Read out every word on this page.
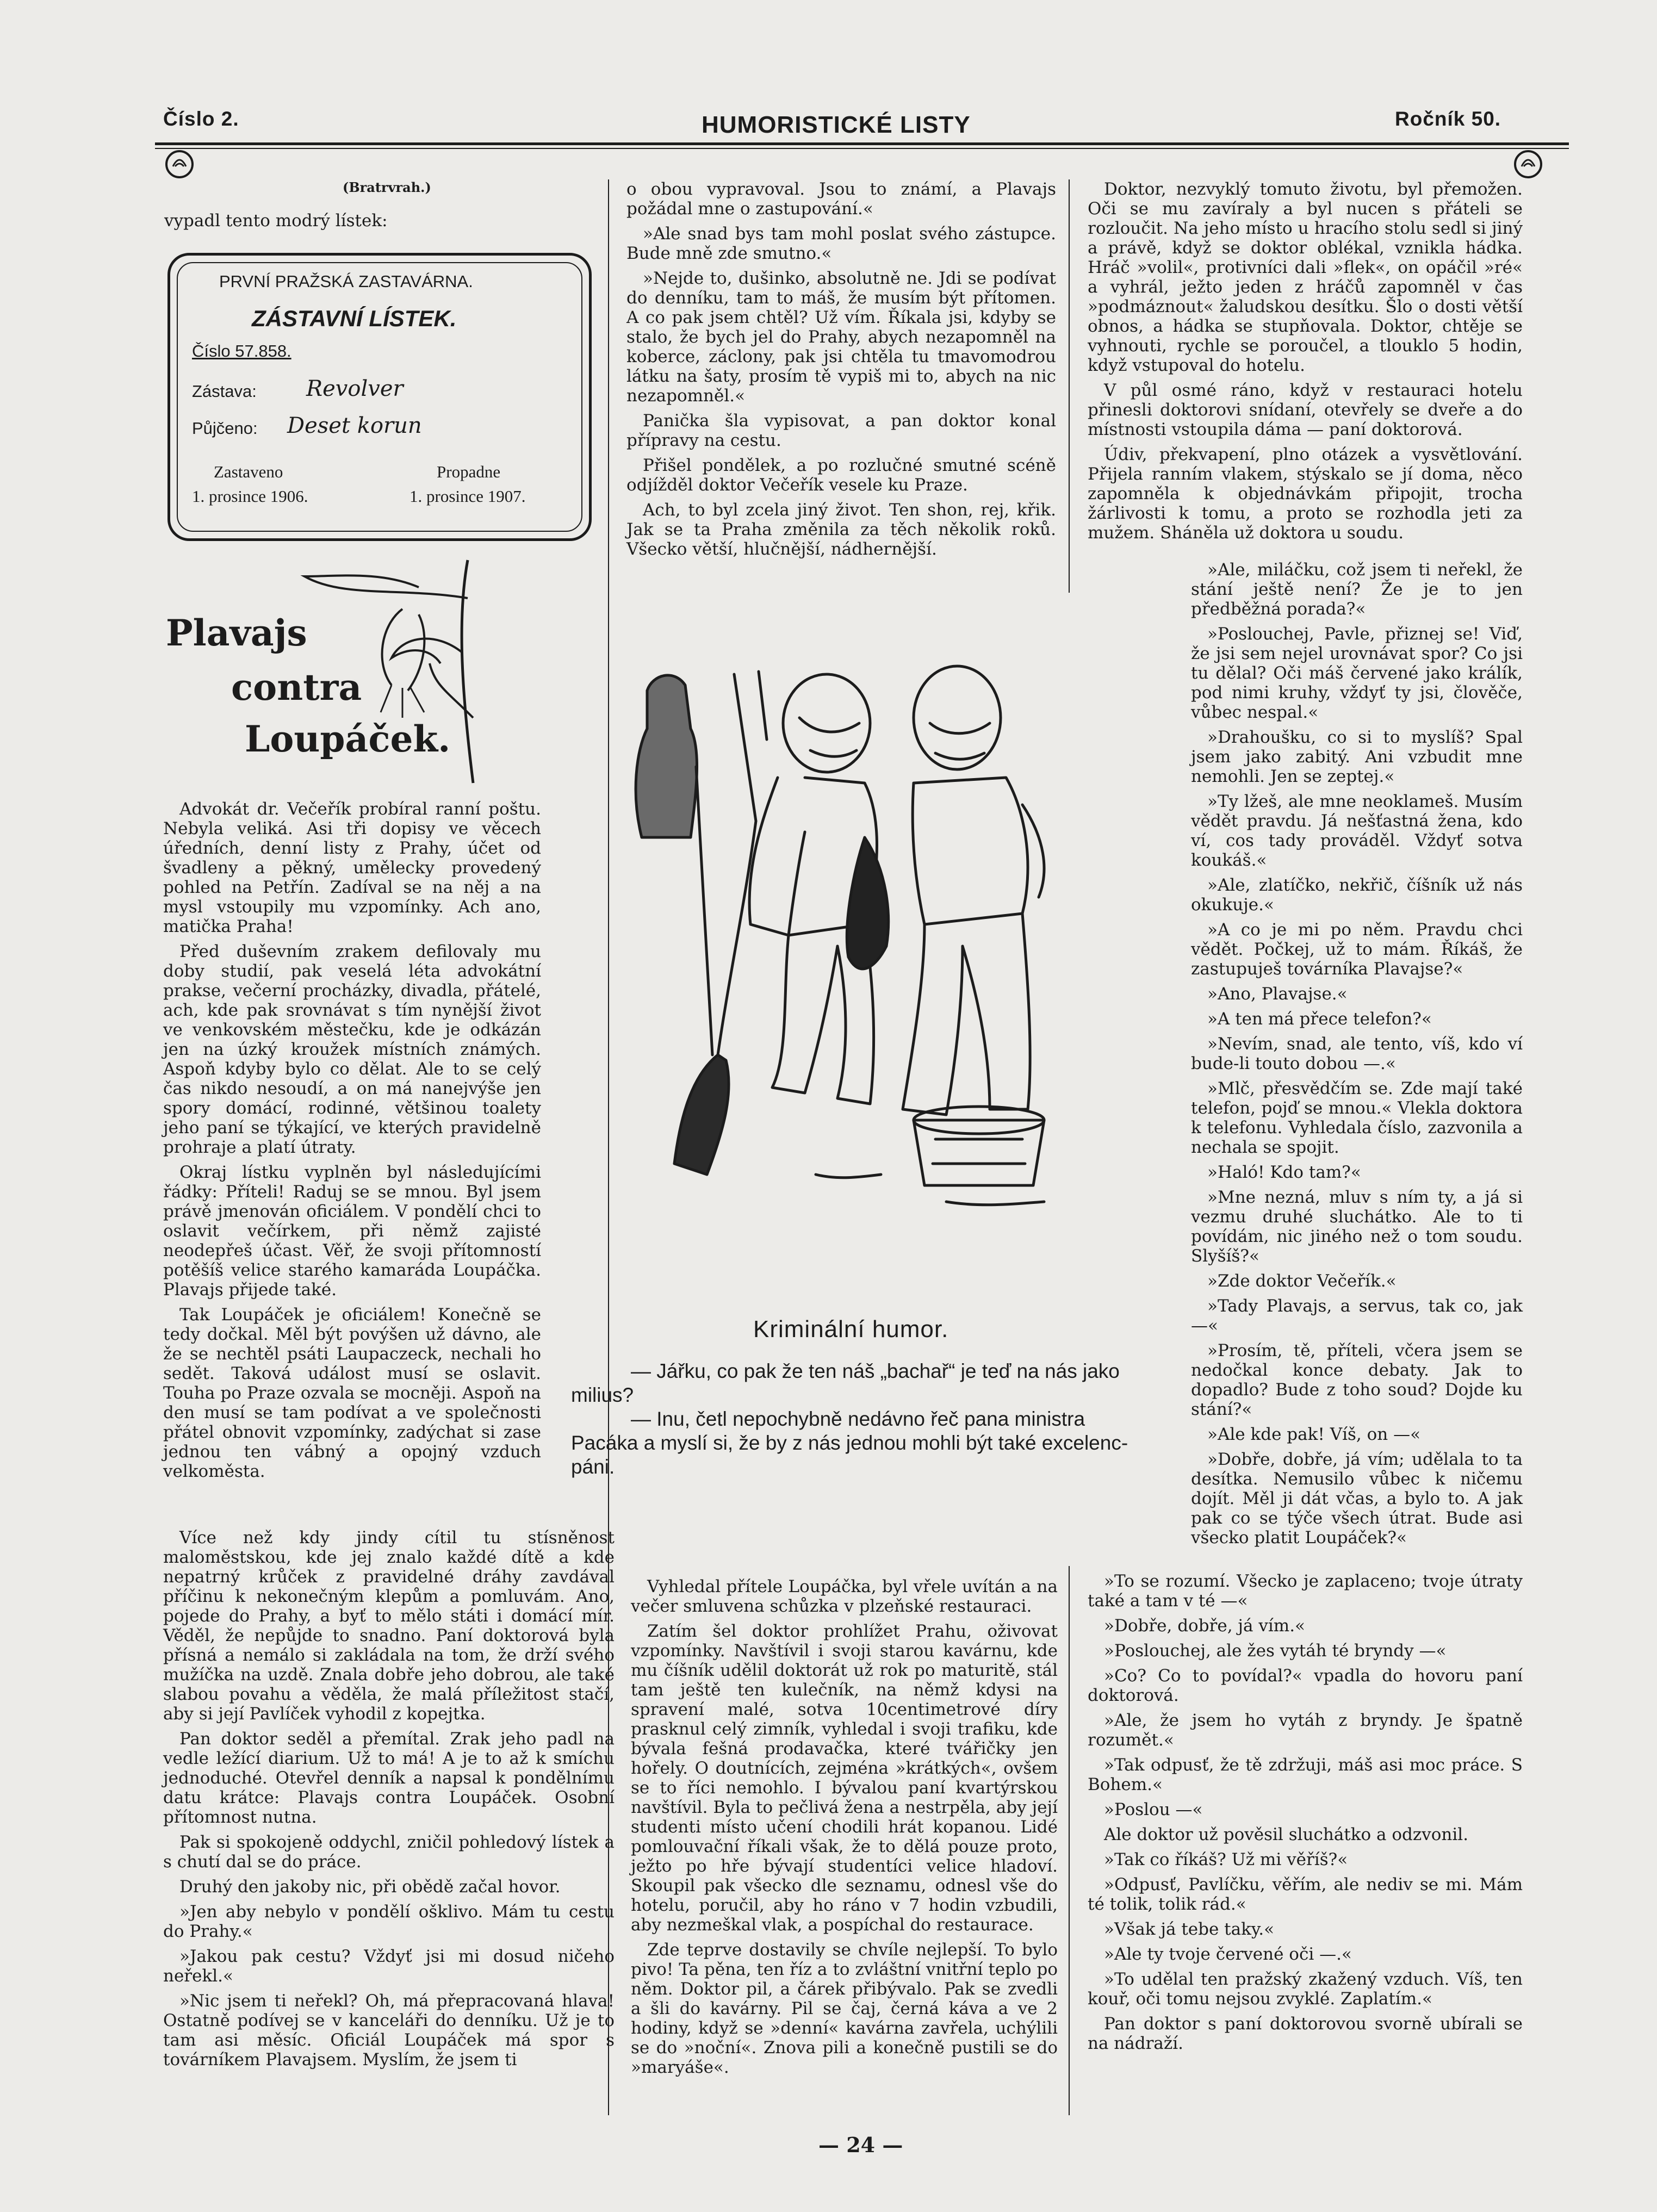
Číslo 2.	HUMORISTICKÉ LISTY	Ročník 50.
(Bratrvrah.)
vypadl tento modrý lístek:
PRVNÍ PRAŽSKÁ ZASTAVÁRNA.
ZÁSTAVNÍ LÍSTEK.
Číslo 57.858.
Zástava: Revolver
Půjčeno: Deset korun
Zastaveno
1. prosince 1906.
Propadne
1. prosince 1907.
Plavajs
contra
Loupáček.

Advokát dr. Večeřík probíral ranní poštu. Nebyla veliká. Asi tři dopisy ve věcech úředních, denní listy z Prahy, účet od švadleny a pěkný, umělecky provedený pohled na Petřín. Zadíval se na něj a na mysl vstoupily mu vzpomínky. Ach ano, matička Praha!

Před duševním zrakem defilovaly mu doby studií, pak veselá léta advokátní prakse, večerní procházky, divadla, přátelé, ach, kde pak srovnávat s tím nynější život ve venkovském městečku, kde je odkázán jen na úzký kroužek místních známých. Aspoň kdyby bylo co dělat. Ale to se celý čas nikdo nesoudí, a on má nanejvýše jen spory domácí, rodinné, většinou toalety jeho paní se týkající, ve kterých pravidelně prohraje a platí útraty.

Okraj lístku vyplněn byl následujícími řádky: Příteli! Raduj se se mnou. Byl jsem právě jmenován oficiálem. V pondělí chci to oslavit večírkem, při němž zajisté neodepřeš účast. Věř, že svoji přítomností potěšíš velice starého kamaráda Loupáčka. Plavajs přijede také.

Tak Loupáček je oficiálem! Konečně se tedy dočkal. Měl být povýšen už dávno, ale že se nechtěl psáti Laupaczeck, nechali ho sedět. Taková událost musí se oslavit. Touha po Praze ozvala se mocněji. Aspoň na den musí se tam podívat a ve společnosti přátel obnovit vzpomínky, zadýchat si zase jednou ten vábný a opojný vzduch velkoměsta.

Více než kdy jindy cítil tu stísněnost maloměstskou, kde jej znalo každé dítě a kde nepatrný krůček z pravidelné dráhy zavdával příčinu k nekonečným klepům a pomluvám. Ano, pojede do Prahy, a byť to mělo státi i domácí mír. Věděl, že nepůjde to snadno. Paní doktorová byla přísná a nemálo si zakládala na tom, že drží svého mužíčka na uzdě. Znala dobře jeho dobrou, ale také slabou povahu a věděla, že malá příležitost stačí, aby si její Pavlíček vyhodil z kopejtka.

Pan doktor seděl a přemítal. Zrak jeho padl na vedle ležící diarium. Už to má! A je to až k smíchu jednoduché. Otevřel denník a napsal k pondělnímu datu krátce: Plavajs contra Loupáček. Osobní přítomnost nutna.

Pak si spokojeně oddychl, zničil pohledový lístek a s chutí dal se do práce.

Druhý den jakoby nic, při obědě začal hovor.

»Jen aby nebylo v pondělí ošklivo. Mám tu cestu do Prahy.«

»Jakou pak cestu? Vždyť jsi mi dosud ničeho neřekl.«

»Nic jsem ti neřekl? Oh, má přepracovaná hlava! Ostatně podívej se v kanceláři do denníku. Už je to tam asi měsíc. Oficiál Loupáček má spor s továrníkem Plavajsem. Myslím, že jsem ti

o obou vypravoval. Jsou to známí, a Plavajs požádal mne o zastupování.«

»Ale snad bys tam mohl poslat svého zástupce. Bude mně zde smutno.«

»Nejde to, dušinko, absolutně ne. Jdi se podívat do denníku, tam to máš, že musím být přítomen. A co pak jsem chtěl? Už vím. Říkala jsi, kdyby se stalo, že bych jel do Prahy, abych nezapomněl na koberce, záclony, pak jsi chtěla tu tmavomodrou látku na šaty, prosím tě vypiš mi to, abych na nic nezapomněl.«

Panička šla vypisovat, a pan doktor konal přípravy na cestu.

Přišel pondělek, a po rozlučné smutné scéně odjížděl doktor Večeřík vesele ku Praze.

Ach, to byl zcela jiný život. Ten shon, rej, křik. Jak se ta Praha změnila za těch několik roků. Všecko větší, hlučnější, nádhernější.

Kriminální humor.
— Jářku, co pak že ten náš „bachař“ je teď na nás jako milius?
— Inu, četl nepochybně nedávno řeč pana ministra Pacáka a myslí si, že by z nás jednou mohli být také excelenc-páni.

Vyhledal přítele Loupáčka, byl vřele uvítán a na večer smluvena schůzka v plzeňské restauraci.

Zatím šel doktor prohlížet Prahu, oživovat vzpomínky. Navštívil i svoji starou kavárnu, kde mu číšník udělil doktorát už rok po maturitě, stál tam ještě ten kulečník, na němž kdysi na spravení malé, sotva 10centimetrové díry prasknul celý zimník, vyhledal i svoji trafiku, kde bývala fešná prodavačka, které tvářičky jen hořely. O doutnících, zejména »krátkých«, ovšem se to říci nemohlo. I bývalou paní kvartýrskou navštívil. Byla to pečlivá žena a nestrpěla, aby její studenti místo učení chodili hrát kopanou. Lidé pomlouvační říkali však, že to dělá pouze proto, ježto po hře bývají studentíci velice hladoví. Skoupil pak všecko dle seznamu, odnesl vše do hotelu, poručil, aby ho ráno v 7 hodin vzbudili, aby nezmeškal vlak, a pospíchal do restaurace.

Zde teprve dostavily se chvíle nejlepší. To bylo pivo! Ta pěna, ten říz a to zvláštní vnitřní teplo po něm. Doktor pil, a čárek přibývalo. Pak se zvedli a šli do kavárny. Pil se čaj, černá káva a ve 2 hodiny, když se »denní« kavárna zavřela, uchýlili se do »noční«. Znova pili a konečně pustili se do »maryáše«.

Doktor, nezvyklý tomuto životu, byl přemožen. Oči se mu zavíraly a byl nucen s přáteli se rozloučit. Na jeho místo u hracího stolu sedl si jiný a právě, když se doktor oblékal, vznikla hádka. Hráč »volil«, protivníci dali »flek«, on opáčil »ré« a vyhrál, ježto jeden z hráčů zapomněl v čas »podmáznout« žaludskou desítku. Šlo o dosti větší obnos, a hádka se stupňovala. Doktor, chtěje se vyhnouti, rychle se poroučel, a tlouklo 5 hodin, když vstupoval do hotelu.

V půl osmé ráno, když v restauraci hotelu přinesli doktorovi snídaní, otevřely se dveře a do místnosti vstoupila dáma — paní doktorová.

Údiv, překvapení, plno otázek a vysvětlování. Přijela ranním vlakem, stýskalo se jí doma, něco zapomněla k objednávkám připojit, trocha žárlivosti k tomu, a proto se rozhodla jeti za mužem. Sháněla už doktora u soudu.

»Ale, miláčku, což jsem ti neřekl, že stání ještě není? Že je to jen předběžná porada?«

»Poslouchej, Pavle, přiznej se! Viď, že jsi sem nejel urovnávat spor? Co jsi tu dělal? Oči máš červené jako králík, pod nimi kruhy, vždyť ty jsi, člověče, vůbec nespal.«

»Drahoušku, co si to myslíš? Spal jsem jako zabitý. Ani vzbudit mne nemohli. Jen se zeptej.«

»Ty lžeš, ale mne neoklameš. Musím vědět pravdu. Já nešťastná žena, kdo ví, cos tady prováděl. Vždyť sotva koukáš.«

»Ale, zlatíčko, nekřič, číšník už nás okukuje.«

»A co je mi po něm. Pravdu chci vědět. Počkej, už to mám. Říkáš, že zastupuješ továrníka Plavajse?«

»Ano, Plavajse.«

»A ten má přece telefon?«

»Nevím, snad, ale tento, víš, kdo ví bude-li touto dobou —.«

»Mlč, přesvědčím se. Zde mají také telefon, pojď se mnou.« Vlekla doktora k telefonu. Vyhledala číslo, zazvonila a nechala se spojit.

»Haló! Kdo tam?«

»Mne nezná, mluv s ním ty, a já si vezmu druhé sluchátko. Ale to ti povídám, nic jiného než o tom soudu. Slyšíš?«

»Zde doktor Večeřík.«

»Tady Plavajs, a servus, tak co, jak —«

»Prosím, tě, příteli, včera jsem se nedočkal konce debaty. Jak to dopadlo? Bude z toho soud? Dojde ku stání?«

»Ale kde pak! Víš, on —«

»Dobře, dobře, já vím; udělala to ta desítka. Nemusilo vůbec k ničemu dojít. Měl ji dát včas, a bylo to. A jak pak co se týče všech útrat. Bude asi všecko platit Loupáček?«

»To se rozumí. Všecko je zaplaceno; tvoje útraty také a tam v té —«

»Dobře, dobře, já vím.«

»Poslouchej, ale žes vytáh té bryndy —«

»Co? Co to povídal?« vpadla do hovoru paní doktorová.

»Ale, že jsem ho vytáh z bryndy. Je špatně rozumět.«

»Tak odpusť, že tě zdržuji, máš asi moc práce. S Bohem.«

»Poslou —«

Ale doktor už pověsil sluchátko a odzvonil.

»Tak co říkáš? Už mi věříš?«

»Odpusť, Pavlíčku, věřím, ale nediv se mi. Mám té tolik, tolik rád.«

»Však já tebe taky.«

»Ale ty tvoje červené oči —.«

»To udělal ten pražský zkažený vzduch. Víš, ten kouř, oči tomu nejsou zvyklé. Zaplatím.«

Pan doktor s paní doktorovou svorně ubírali se na nádraží.

— 24 —
